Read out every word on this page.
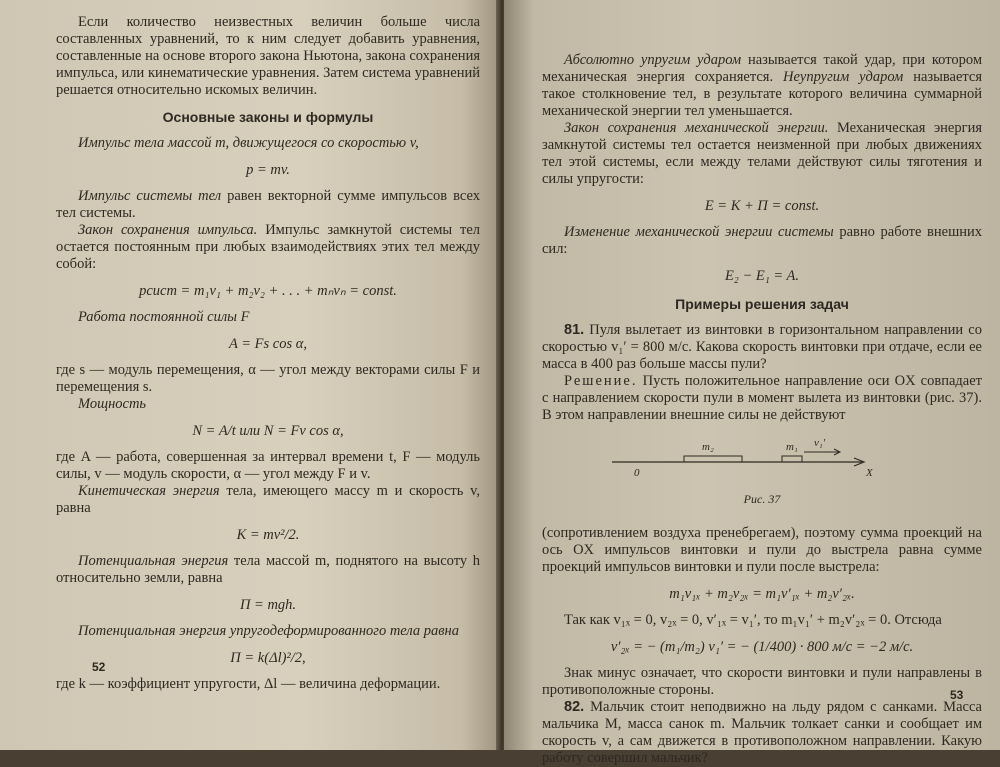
Если количество неизвестных величин больше числа составленных уравнений, то к ним следует добавить уравнения, составленные на основе второго закона Ньютона, закона сохранения импульса, или кинематические уравнения. Затем система уравнений решается относительно искомых величин.

Основные законы и формулы

Импульс тела массой m, движущегося со скоростью v,

p = mv.

Импульс системы тел равен векторной сумме импульсов всех тел системы.

Закон сохранения импульса. Импульс замкнутой системы тел остается постоянным при любых взаимодействиях этих тел между собой:

pсист = m₁v₁ + m₂v₂ + . . . + mₙvₙ = const.

Работа постоянной силы F

A = Fs cos α,

где s — модуль перемещения, α — угол между векторами силы F и перемещения s.

Мощность

N = A/t или N = Fv cos α,

где A — работа, совершенная за интервал времени t, F — модуль силы, v — модуль скорости, α — угол между F и v.

Кинетическая энергия тела, имеющего массу m и скорость v, равна

K = mv²/2.

Потенциальная энергия тела массой m, поднятого на высоту h относительно земли, равна

П = mgh.

Потенциальная энергия упругодеформированного тела равна

П = k(Δl)²/2,

где k — коэффициент упругости, Δl — величина деформации.

52

Абсолютно упругим ударом называется такой удар, при котором механическая энергия сохраняется. Неупругим ударом называется такое столкновение тел, в результате которого величина суммарной механической энергии тел уменьшается.

Закон сохранения механической энергии. Механическая энергия замкнутой системы тел остается неизменной при любых движениях тел этой системы, если между телами действуют силы тяготения и силы упругости:

E = K + П = const.

Изменение механической энергии системы равно работе внешних сил:

E₂ − E₁ = A.
Примеры решения задач

81. Пуля вылетает из винтовки в горизонтальном направлении со скоростью v₁′ = 800 м/с. Какова скорость винтовки при отдаче, если ее масса в 400 раз больше массы пули?

Решение. Пусть положительное направление оси OX совпадает с направлением скорости пули в момент вылета из винтовки (рис. 37). В этом направлении внешние силы не действуют

m₂	m₁ v₁′
0	X
Рис. 37

(сопротивлением воздуха пренебрегаем), поэтому сумма проекций на ось OX импульсов винтовки и пули до выстрела равна сумме проекций импульсов винтовки и пули после выстрела:

m₁v₁ₓ + m₂v₂ₓ = m₁v′₁ₓ + m₂v′₂ₓ.

Так как v₁ₓ = 0, v₂ₓ = 0, v′₁ₓ = v₁′, то m₁v₁′ + m₂v′₂ₓ = 0. Отсюда

v′₂ₓ = − (m₁/m₂) v₁′ = − (1/400) · 800 м/с = −2 м/с.

Знак минус означает, что скорости винтовки и пули направлены в противоположные стороны.

82. Мальчик стоит неподвижно на льду рядом с санками. Масса мальчика M, масса санок m. Мальчик толкает санки и сообщает им скорость v, а сам движется в противоположном направлении. Какую работу совершил мальчик?

53
